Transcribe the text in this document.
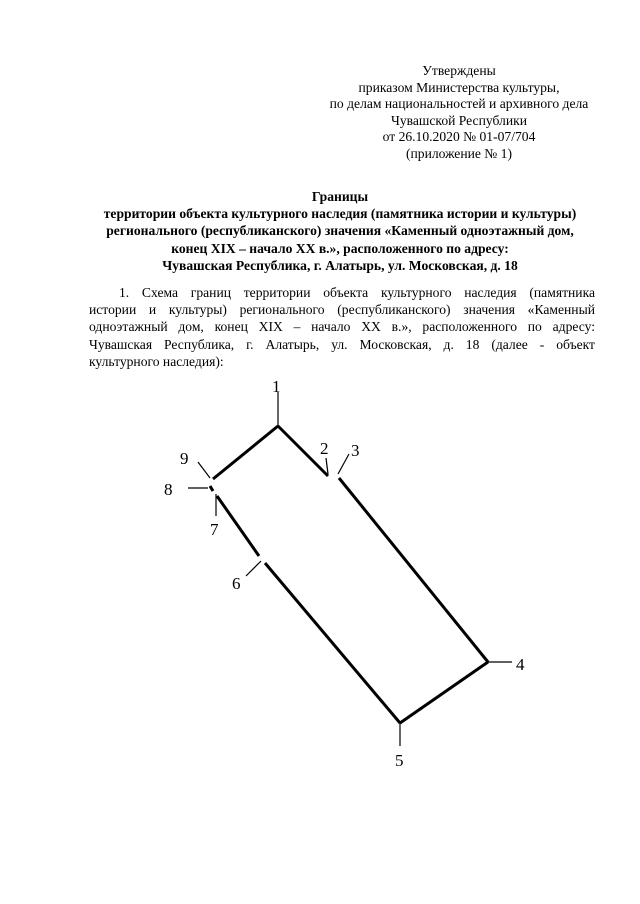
Утверждены
приказом Министерства культуры,
по делам национальностей и архивного дела
Чувашской Республики
от 26.10.2020 № 01-07/704
(приложение № 1)
Границы
территории объекта культурного наследия (памятника истории и культуры)
регионального (республиканского) значения «Каменный одноэтажный дом,
конец XIX – начало XX в.», расположенного по адресу:
Чувашская Республика, г. Алатырь, ул. Московская, д. 18
1. Схема границ территории объекта культурного наследия (памятника
истории и культуры) регионального (республиканского) значения «Каменный
одноэтажный дом, конец XIX – начало XX в.», расположенного по адресу:
Чувашская Республика, г. Алатырь, ул. Московская, д. 18 (далее - объект
культурного наследия):
1
2 3
4
5
6
7
8
9
